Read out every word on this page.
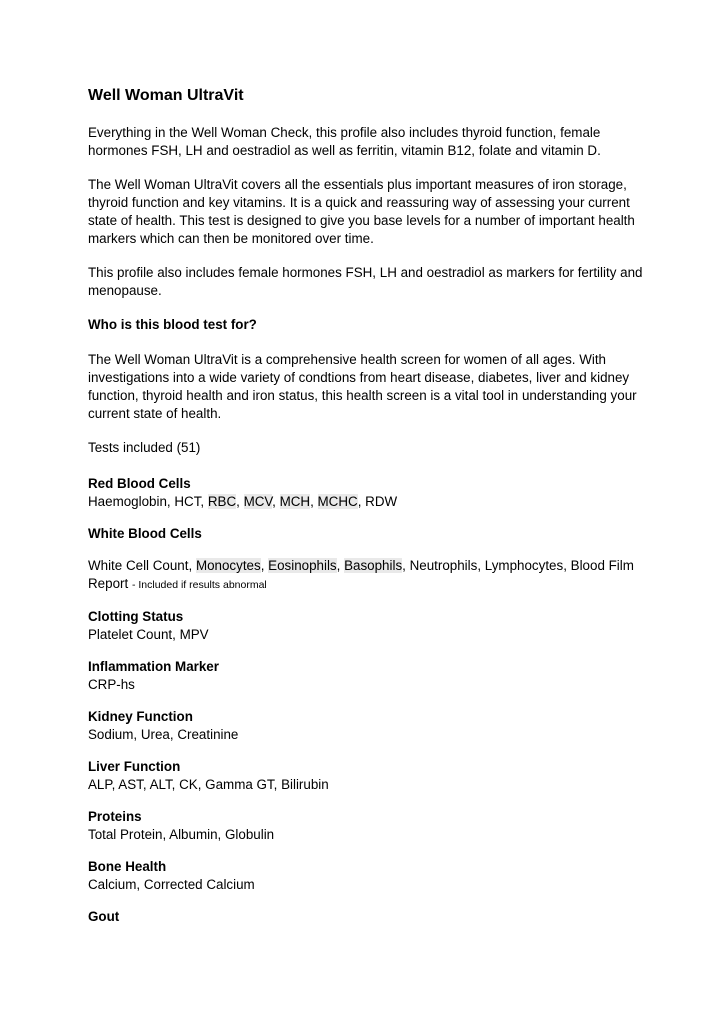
Well Woman UltraVit

Everything in the Well Woman Check, this profile also includes thyroid function, female hormones FSH, LH and oestradiol as well as ferritin, vitamin B12, folate and vitamin D.

The Well Woman UltraVit covers all the essentials plus important measures of iron storage, thyroid function and key vitamins. It is a quick and reassuring way of assessing your current state of health. This test is designed to give you base levels for a number of important health markers which can then be monitored over time.

This profile also includes female hormones FSH, LH and oestradiol as markers for fertility and menopause.

Who is this blood test for?

The Well Woman UltraVit is a comprehensive health screen for women of all ages. With investigations into a wide variety of condtions from heart disease, diabetes, liver and kidney function, thyroid health and iron status, this health screen is a vital tool in understanding your current state of health.

Tests included (51)
Red Blood Cells
Haemoglobin, HCT, RBC, MCV, MCH, MCHC, RDW
White Blood Cells
White Cell Count, Monocytes, Eosinophils, Basophils, Neutrophils, Lymphocytes, Blood Film Report - Included if results abnormal
Clotting Status
Platelet Count, MPV
Inflammation Marker
CRP-hs
Kidney Function
Sodium, Urea, Creatinine
Liver Function
ALP, AST, ALT, CK, Gamma GT, Bilirubin
Proteins
Total Protein, Albumin, Globulin
Bone Health
Calcium, Corrected Calcium
Gout
